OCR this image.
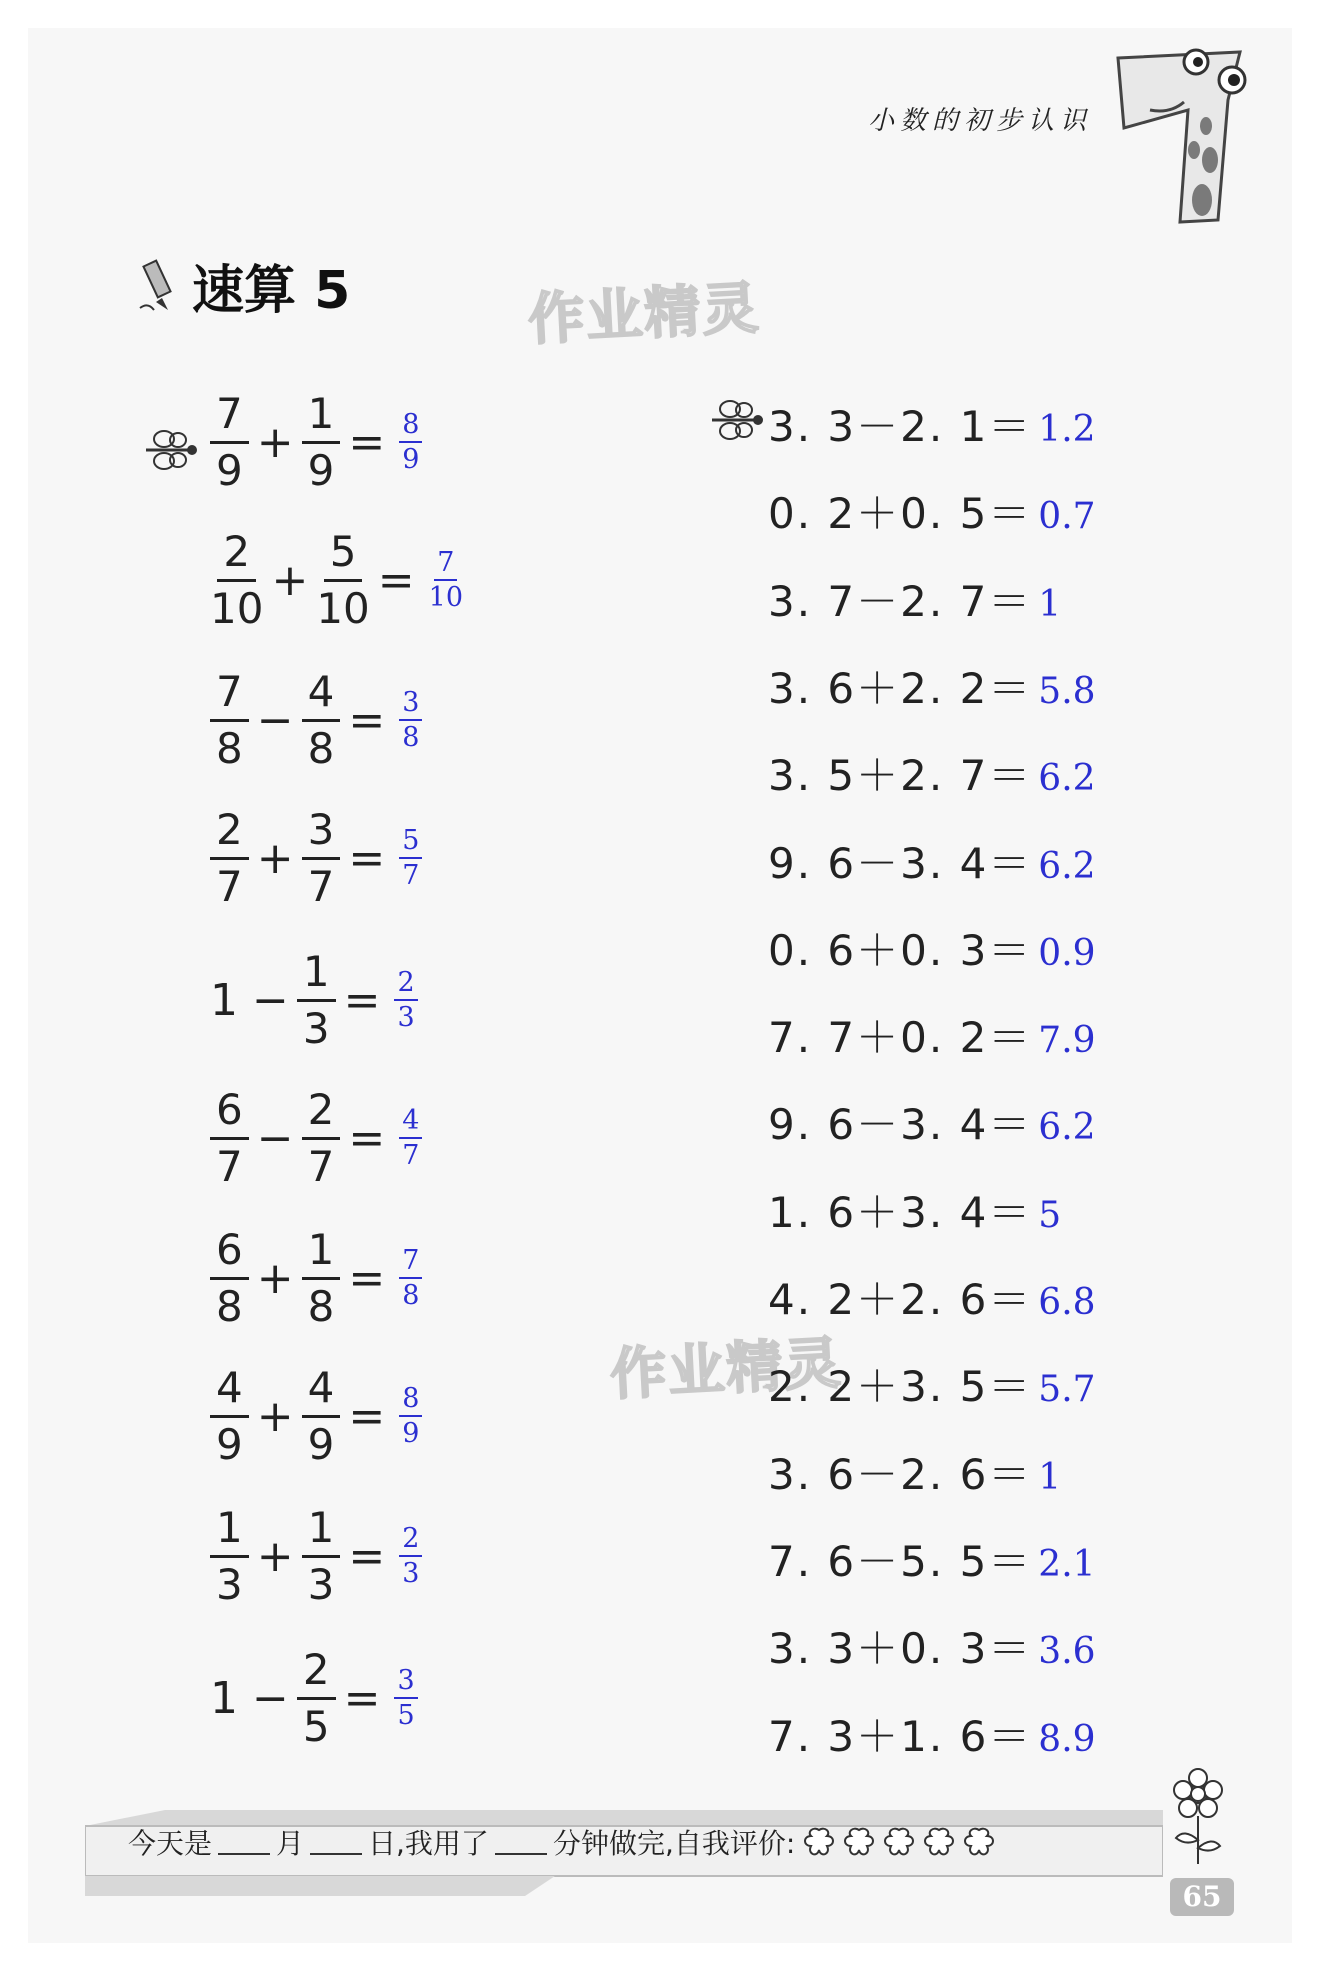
小数的初步认识
速算 5	作业精灵
作业精灵
$\frac{7}{9} + \frac{1}{9} = \frac{8}{9}$
$\frac{2}{10} + \frac{5}{10} = \frac{7}{10}$
$\frac{7}{8} - \frac{4}{8} = \frac{3}{8}$
$\frac{2}{7} + \frac{3}{7} = \frac{5}{7}$
$1 - \frac{1}{3} = \frac{2}{3}$
$\frac{6}{7} - \frac{2}{7} = \frac{4}{7}$
$\frac{6}{8} + \frac{1}{8} = \frac{7}{8}$
$\frac{4}{9} + \frac{4}{9} = \frac{8}{9}$
$\frac{1}{3} + \frac{1}{3} = \frac{2}{3}$
$1 - \frac{2}{5} = \frac{3}{5}$
3. 3－2. 1＝ 1.2
0. 2＋0. 5＝ 0.7
3. 7－2. 7＝ 1
3. 6＋2. 2＝ 5.8
3. 5＋2. 7＝ 6.2
9. 6－3. 4＝ 6.2
0. 6＋0. 3＝ 0.9
7. 7＋0. 2＝ 7.9
9. 6－3. 4＝ 6.2
1. 6＋3. 4＝ 5
4. 2＋2. 6＝ 6.8
2. 2＋3. 5＝ 5.7
3. 6－2. 6＝ 1
7. 6－5. 5＝ 2.1
3. 3＋0. 3＝ 3.6
7. 3＋1. 6＝ 8.9
今天是 月 日,我用了 分钟做完,自我评价:
65
